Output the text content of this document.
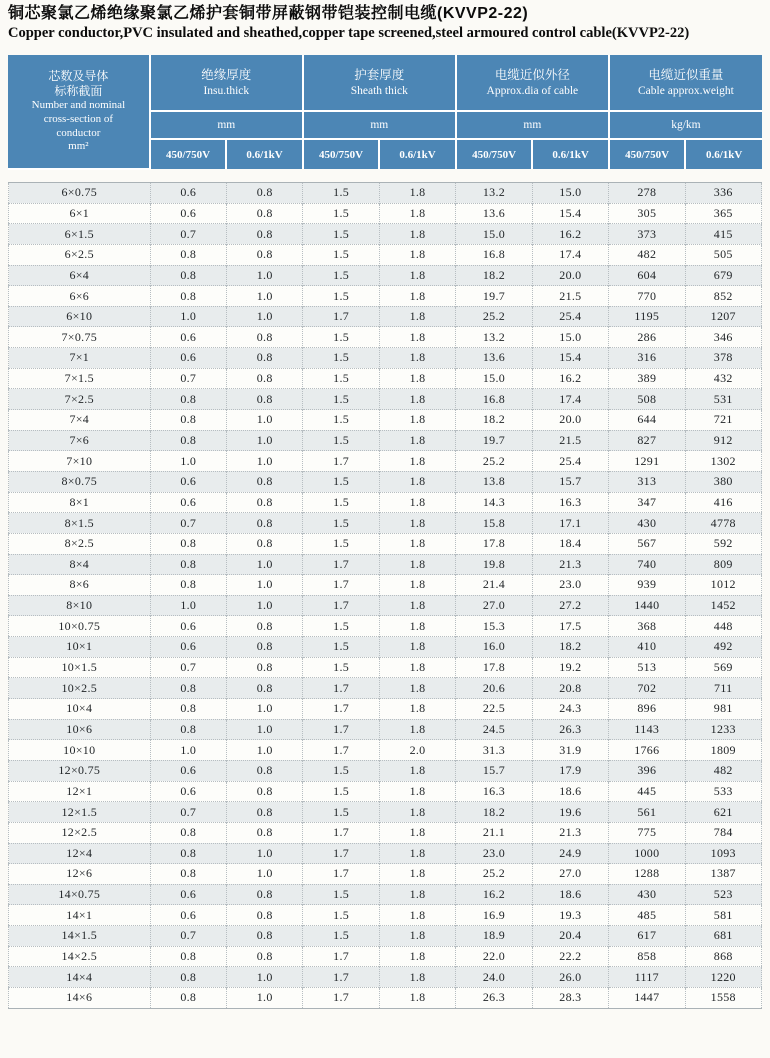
铜芯聚氯乙烯绝缘聚氯乙烯护套铜带屏蔽钢带铠装控制电缆(KVVP2-22)
Copper conductor,PVC insulated and sheathed,copper tape screened,steel armoured control cable(KVVP2-22)
芯数及导体
标称截面
Number and nominal
cross-section of
conductor
mm²

绝缘厚度
Insu.thick

护套厚度
Sheath thick

电缆近似外径
Approx.dia of cable

电缆近似重量
Cable approx.weight

	mm		mm		mm		kg/km	
	450/750V	0.6/1kV	450/750V	0.6/1kV	450/750V	0.6/1kV	450/750V	0.6/1kV
6×0.75	0.6	0.8	1.5	1.8	13.2	15.0	278	336
6×1	0.6	0.8	1.5	1.8	13.6	15.4	305	365
6×1.5	0.7	0.8	1.5	1.8	15.0	16.2	373	415
6×2.5	0.8	0.8	1.5	1.8	16.8	17.4	482	505
6×4	0.8	1.0	1.5	1.8	18.2	20.0	604	679
6×6	0.8	1.0	1.5	1.8	19.7	21.5	770	852
6×10	1.0	1.0	1.7	1.8	25.2	25.4	1195	1207
7×0.75	0.6	0.8	1.5	1.8	13.2	15.0	286	346
7×1	0.6	0.8	1.5	1.8	13.6	15.4	316	378
7×1.5	0.7	0.8	1.5	1.8	15.0	16.2	389	432
7×2.5	0.8	0.8	1.5	1.8	16.8	17.4	508	531
7×4	0.8	1.0	1.5	1.8	18.2	20.0	644	721
7×6	0.8	1.0	1.5	1.8	19.7	21.5	827	912
7×10	1.0	1.0	1.7	1.8	25.2	25.4	1291	1302
8×0.75	0.6	0.8	1.5	1.8	13.8	15.7	313	380
8×1	0.6	0.8	1.5	1.8	14.3	16.3	347	416
8×1.5	0.7	0.8	1.5	1.8	15.8	17.1	430	4778
8×2.5	0.8	0.8	1.5	1.8	17.8	18.4	567	592
8×4	0.8	1.0	1.7	1.8	19.8	21.3	740	809
8×6	0.8	1.0	1.7	1.8	21.4	23.0	939	1012
8×10	1.0	1.0	1.7	1.8	27.0	27.2	1440	1452
10×0.75	0.6	0.8	1.5	1.8	15.3	17.5	368	448
10×1	0.6	0.8	1.5	1.8	16.0	18.2	410	492
10×1.5	0.7	0.8	1.5	1.8	17.8	19.2	513	569
10×2.5	0.8	0.8	1.7	1.8	20.6	20.8	702	711
10×4	0.8	1.0	1.7	1.8	22.5	24.3	896	981
10×6	0.8	1.0	1.7	1.8	24.5	26.3	1143	1233
10×10	1.0	1.0	1.7	2.0	31.3	31.9	1766	1809
12×0.75	0.6	0.8	1.5	1.8	15.7	17.9	396	482
12×1	0.6	0.8	1.5	1.8	16.3	18.6	445	533
12×1.5	0.7	0.8	1.5	1.8	18.2	19.6	561	621
12×2.5	0.8	0.8	1.7	1.8	21.1	21.3	775	784
12×4	0.8	1.0	1.7	1.8	23.0	24.9	1000	1093
12×6	0.8	1.0	1.7	1.8	25.2	27.0	1288	1387
14×0.75	0.6	0.8	1.5	1.8	16.2	18.6	430	523
14×1	0.6	0.8	1.5	1.8	16.9	19.3	485	581
14×1.5	0.7	0.8	1.5	1.8	18.9	20.4	617	681
14×2.5	0.8	0.8	1.7	1.8	22.0	22.2	858	868
14×4	0.8	1.0	1.7	1.8	24.0	26.0	1117	1220
14×6	0.8	1.0	1.7	1.8	26.3	28.3	1447	1558
